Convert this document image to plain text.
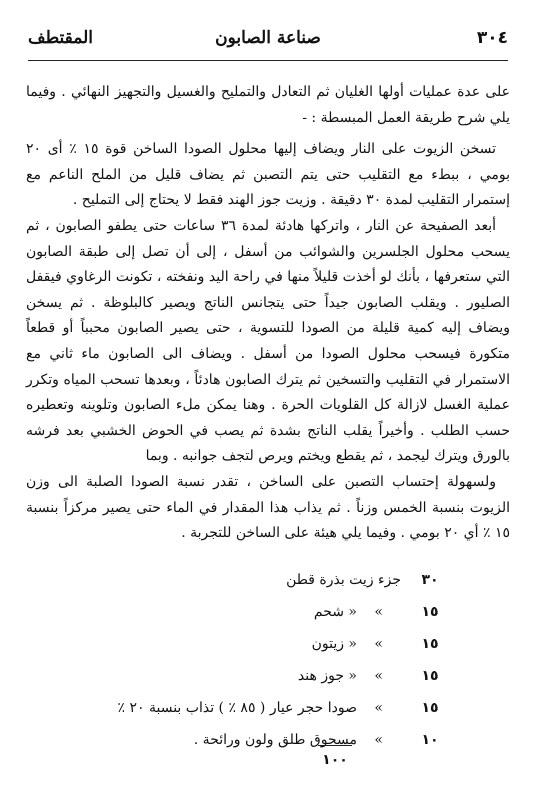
٣٠٤
صناعة الصابون
المقتطف

على عدة عمليات أولها الغليان ثم التعادل والتمليح والغسيل والتجهيز النهائي . وفيما يلي شرح طريقة العمل المبسطة : -

تسخن الزيوت على النار ويضاف إليها محلول الصودا الساخن قوة ١٥ ٪ أى ٢٠ بومي ، ببطء مع التقليب حتى يتم التصبن ثم يضاف قليل من الملح الناعم مع إستمرار التقليب لمدة ٣٠ دقيقة . وزيت جوز الهند فقط لا يحتاج إلى التمليح .

أبعد الصفيحة عن النار ، واتركها هادئة لمدة ٣٦ ساعات حتى يطفو الصابون ، ثم يسحب محلول الجلسرين والشوائب من أسفل ، إلى أن تصل إلى طبقة الصابون التي ستعرفها ، بأنك لو أخذت قليلاً منها في راحة اليد ونفخته ، تكونت الرغاوي فيقفل الصليور . ويقلب الصابون جيداً حتى يتجانس الناتج ويصير كالبلوظة . ثم يسخن ويضاف إليه كمية قليلة من الصودا للتسوية ، حتى يصير الصابون محبباً أو قطعاً متكورة فيسحب محلول الصودا من أسفل . ويضاف الى الصابون ماء ثاني مع الاستمرار في التقليب والتسخين ثم يترك الصابون هادئاً ، وبعدها تسحب المياه وتكرر عملية الغسل لازالة كل القلويات الحرة . وهنا يمكن ملء الصابون وتلوينه وتعطيره حسب الطلب . وأخيراً يقلب الناتج بشدة ثم يصب في الحوض الخشبي بعد فرشه بالورق ويترك ليجمد ، ثم يقطع ويختم ويرص لتجف جوانبه . وبما

ولسهولة إحتساب التصبن على الساخن ، تقدر نسبة الصودا الصلبة الى وزن الزيوت بنسبة الخمس وزناً . ثم يذاب هذا المقدار في الماء حتى يصير مركزاً بنسبة ١٥ ٪ أي ٢٠ بومي . وفيما يلي هيئة على الساخن للتجربة .

٣٠
جزء زيت بذرة قطن
١٥
»
« شحم
١٥
»
« زيتون
١٥
»
« جوز هند
١٥
»
صودا حجر عيار ( ٨٥ ٪ ) تذاب بنسبة ٢٠ ٪
١٠
»
مسحوق طلق ولون ورائحة .
١٠٠
